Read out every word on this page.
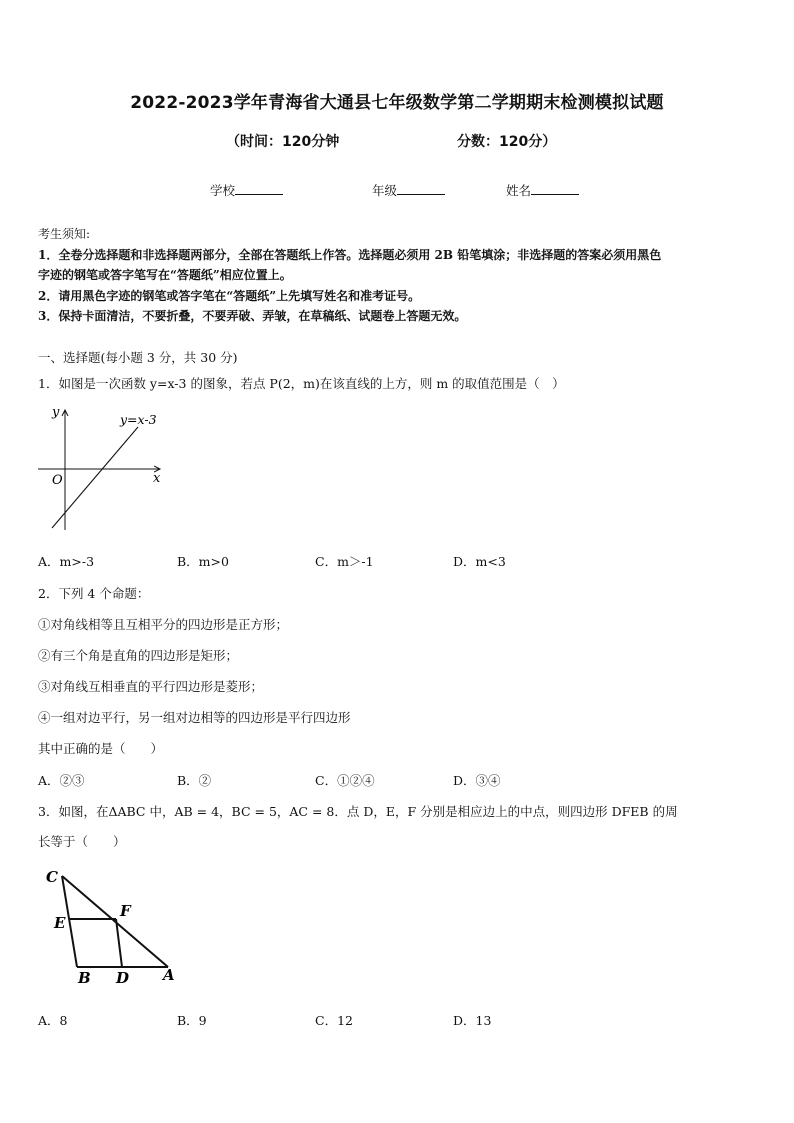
2022-2023学年青海省大通县七年级数学第二学期期末检测模拟试题
（时间：120分钟	分数：120分）
学校	年级	姓名
考生须知:
1．全卷分选择题和非选择题两部分，全部在答题纸上作答。选择题必须用 2B 铅笔填涂；非选择题的答案必须用黑色
字迹的钢笔或答字笔写在“答题纸”相应位置上。
2．请用黑色字迹的钢笔或答字笔在“答题纸”上先填写姓名和准考证号。
3．保持卡面清洁，不要折叠，不要弄破、弄皱，在草稿纸、试题卷上答题无效。
一、选择题(每小题 3 分，共 30 分)
1．如图是一次函数 y=x-3 的图象，若点 P(2，m)在该直线的上方，则 m 的取值范围是（　）
y
x
O
y=x-3
A．m>-3	B．m>0	C．m＞-1	D．m<3
2．下列 4 个命题：
①对角线相等且互相平分的四边形是正方形；
②有三个角是直角的四边形是矩形；
③对角线互相垂直的平行四边形是菱形；
④一组对边平行，另一组对边相等的四边形是平行四边形
其中正确的是（　　）
A．②③	B．②	C．①②④	D．③④
3．如图，在ΔABC 中，AB = 4，BC = 5，AC = 8．点 D，E，F 分别是相应边上的中点，则四边形 DFEB 的周
长等于（　　）
C
E
F
B D A
A．8	B．9	C．12	D．13
